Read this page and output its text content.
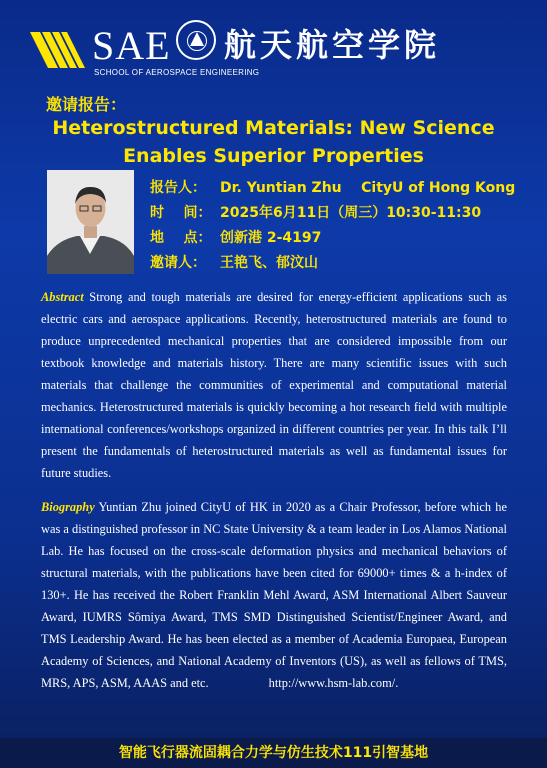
SAE 航天航空学院
SCHOOL OF AEROSPACE ENGINEERING
邀请报告：
Heterostructured Materials: New Science Enables Superior Properties
报告人： Dr. Yuntian Zhu    CityU of Hong Kong
时    间： 2025年6月11日（周三）10:30-11:30
地    点： 创新港 2-4197
邀请人： 王艳飞、郁汶山
Abstract Strong and tough materials are desired for energy-efficient applications such as electric cars and aerospace applications. Recently, heterostructured materials are found to produce unprecedented mechanical properties that are considered impossible from our textbook knowledge and materials history. There are many scientific issues with such materials that challenge the communities of experimental and computational material mechanics. Heterostructured materials is quickly becoming a hot research field with multiple international conferences/workshops organized in different countries per year. In this talk I’ll present the fundamentals of heterostructured materials as well as fundamental issues for future studies.
Biography Yuntian Zhu joined CityU of HK in 2020 as a Chair Professor, before which he was a distinguished professor in NC State University & a team leader in Los Alamos National Lab. He has focused on the cross-scale deformation physics and mechanical behaviors of structural materials, with the publications have been cited for 69000+ times & a h-index of 130+. He has received the Robert Franklin Mehl Award, ASM International Albert Sauveur Award, IUMRS Sômiya Award, TMS SMD Distinguished Scientist/Engineer Award, and TMS Leadership Award. He has been elected as a member of Academia Europaea, European Academy of Sciences, and National Academy of Inventors (US), as well as fellows of TMS, MRS, APS, ASM, AAAS and etc.	http://www.hsm-lab.com/.
智能飞行器流固耦合力学与仿生技术111引智基地
